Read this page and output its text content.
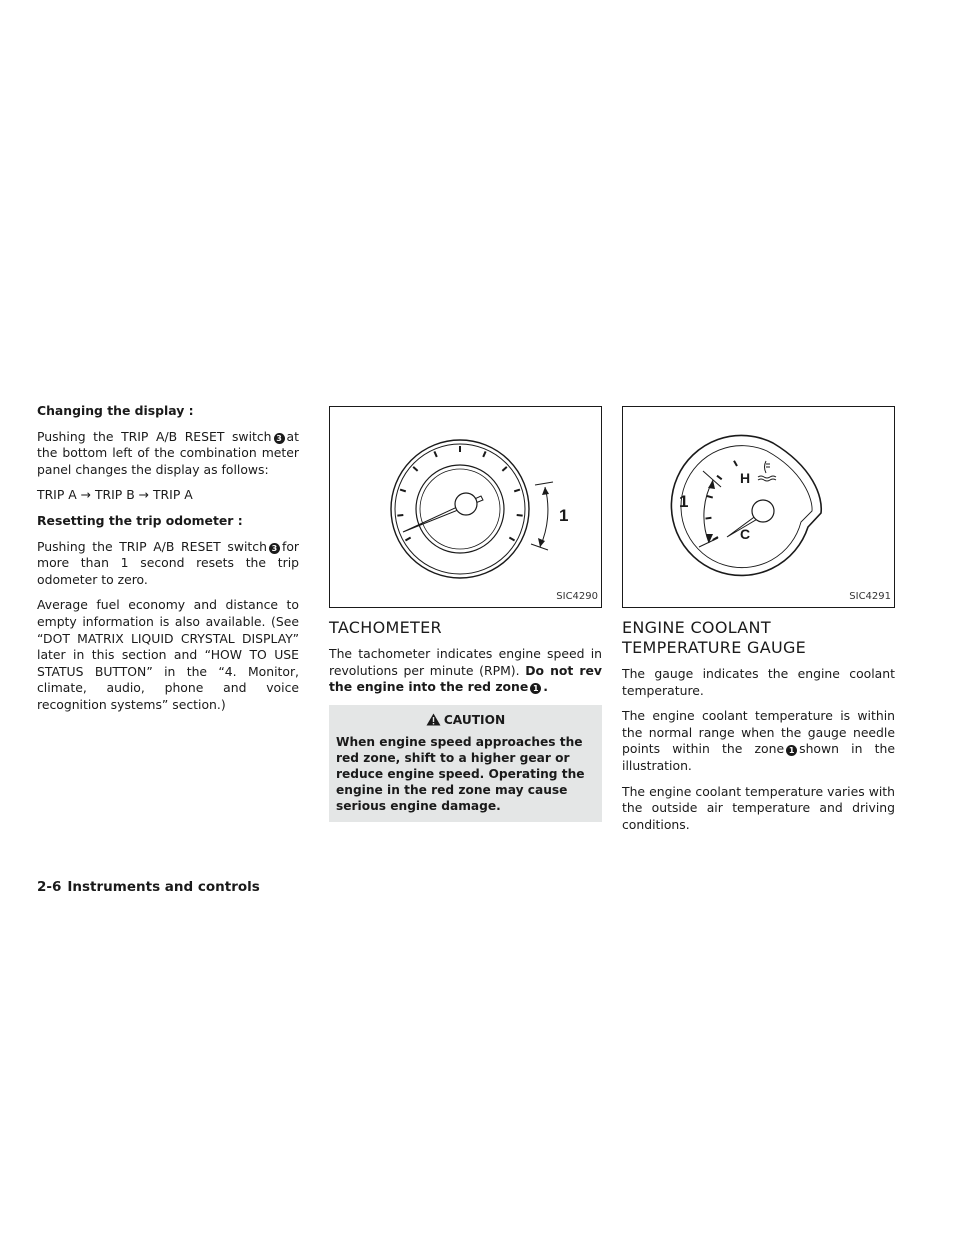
Changing the display :

Pushing the TRIP A/B RESET switch 3 at the bottom left of the combination meter panel changes the display as follows:

TRIP A → TRIP B → TRIP A

Resetting the trip odometer :

Pushing the TRIP A/B RESET switch 3 for more than 1 second resets the trip odometer to zero.

Average fuel economy and distance to empty information is also available. (See “DOT MATRIX LIQUID CRYSTAL DISPLAY” later in this section and “HOW TO USE STATUS BUTTON” in the “4. Monitor, climate, audio, phone and voice recognition systems” section.)

1
SIC4290
TACHOMETER

The tachometer indicates engine speed in revolutions per minute (RPM). Do not rev the engine into the red zone 1 .

CAUTION
When engine speed approaches the red zone, shift to a higher gear or reduce engine speed. Operating the engine in the red zone may cause serious engine damage.
H
C
1
SIC4291
ENGINE COOLANT TEMPERATURE GAUGE

The gauge indicates the engine coolant temperature.

The engine coolant temperature is within the normal range when the gauge needle points within the zone 1 shown in the illustration.

The engine coolant temperature varies with the outside air temperature and driving conditions.

2-6 Instruments and controls
